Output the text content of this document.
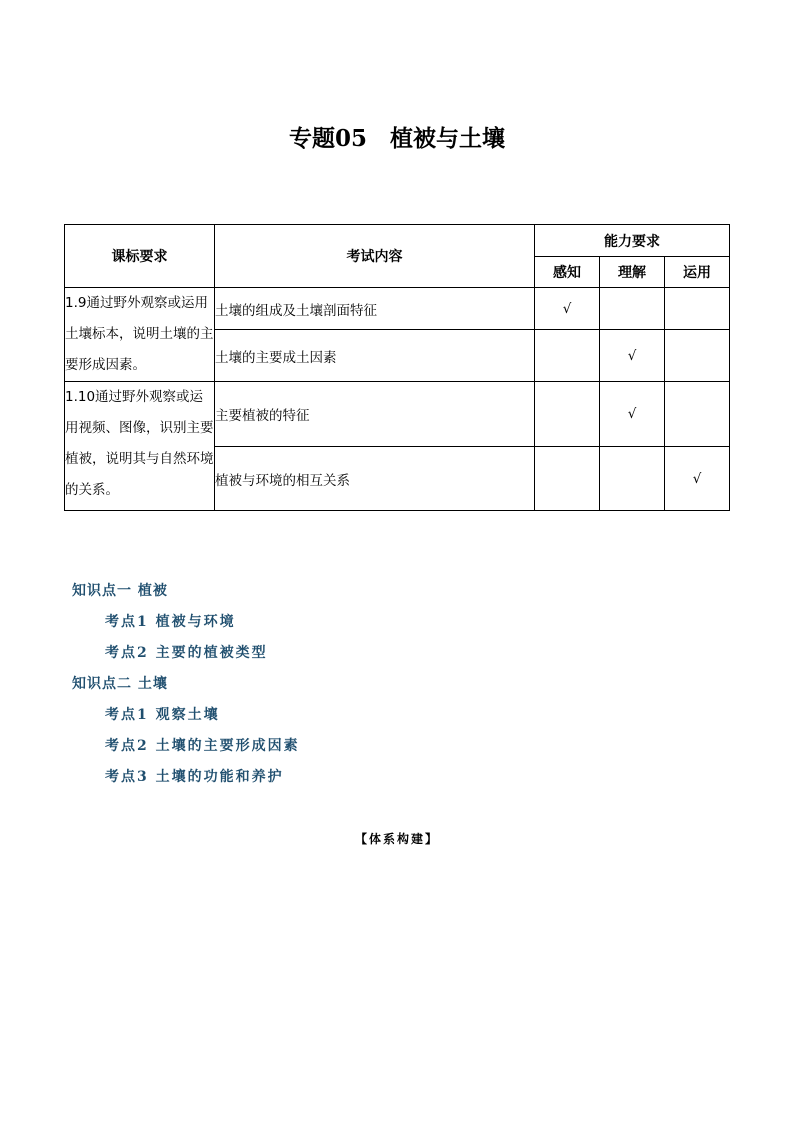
专题05　植被与土壤
课标要求	考试内容	能力要求		
		感知	理解	运用
1.9通过野外观察或运用土壤标本，说明土壤的主要形成因素。	土壤的组成及土壤剖面特征	√		
	土壤的主要成土因素		√	
1.10通过野外观察或运用视频、图像，识别主要植被，说明其与自然环境的关系。	主要植被的特征		√	
	植被与环境的相互关系			√
知识点一 植被
考点1 植被与环境
考点2 主要的植被类型
知识点二 土壤
考点1 观察土壤
考点2 土壤的主要形成因素
考点3 土壤的功能和养护
【体系构建】
